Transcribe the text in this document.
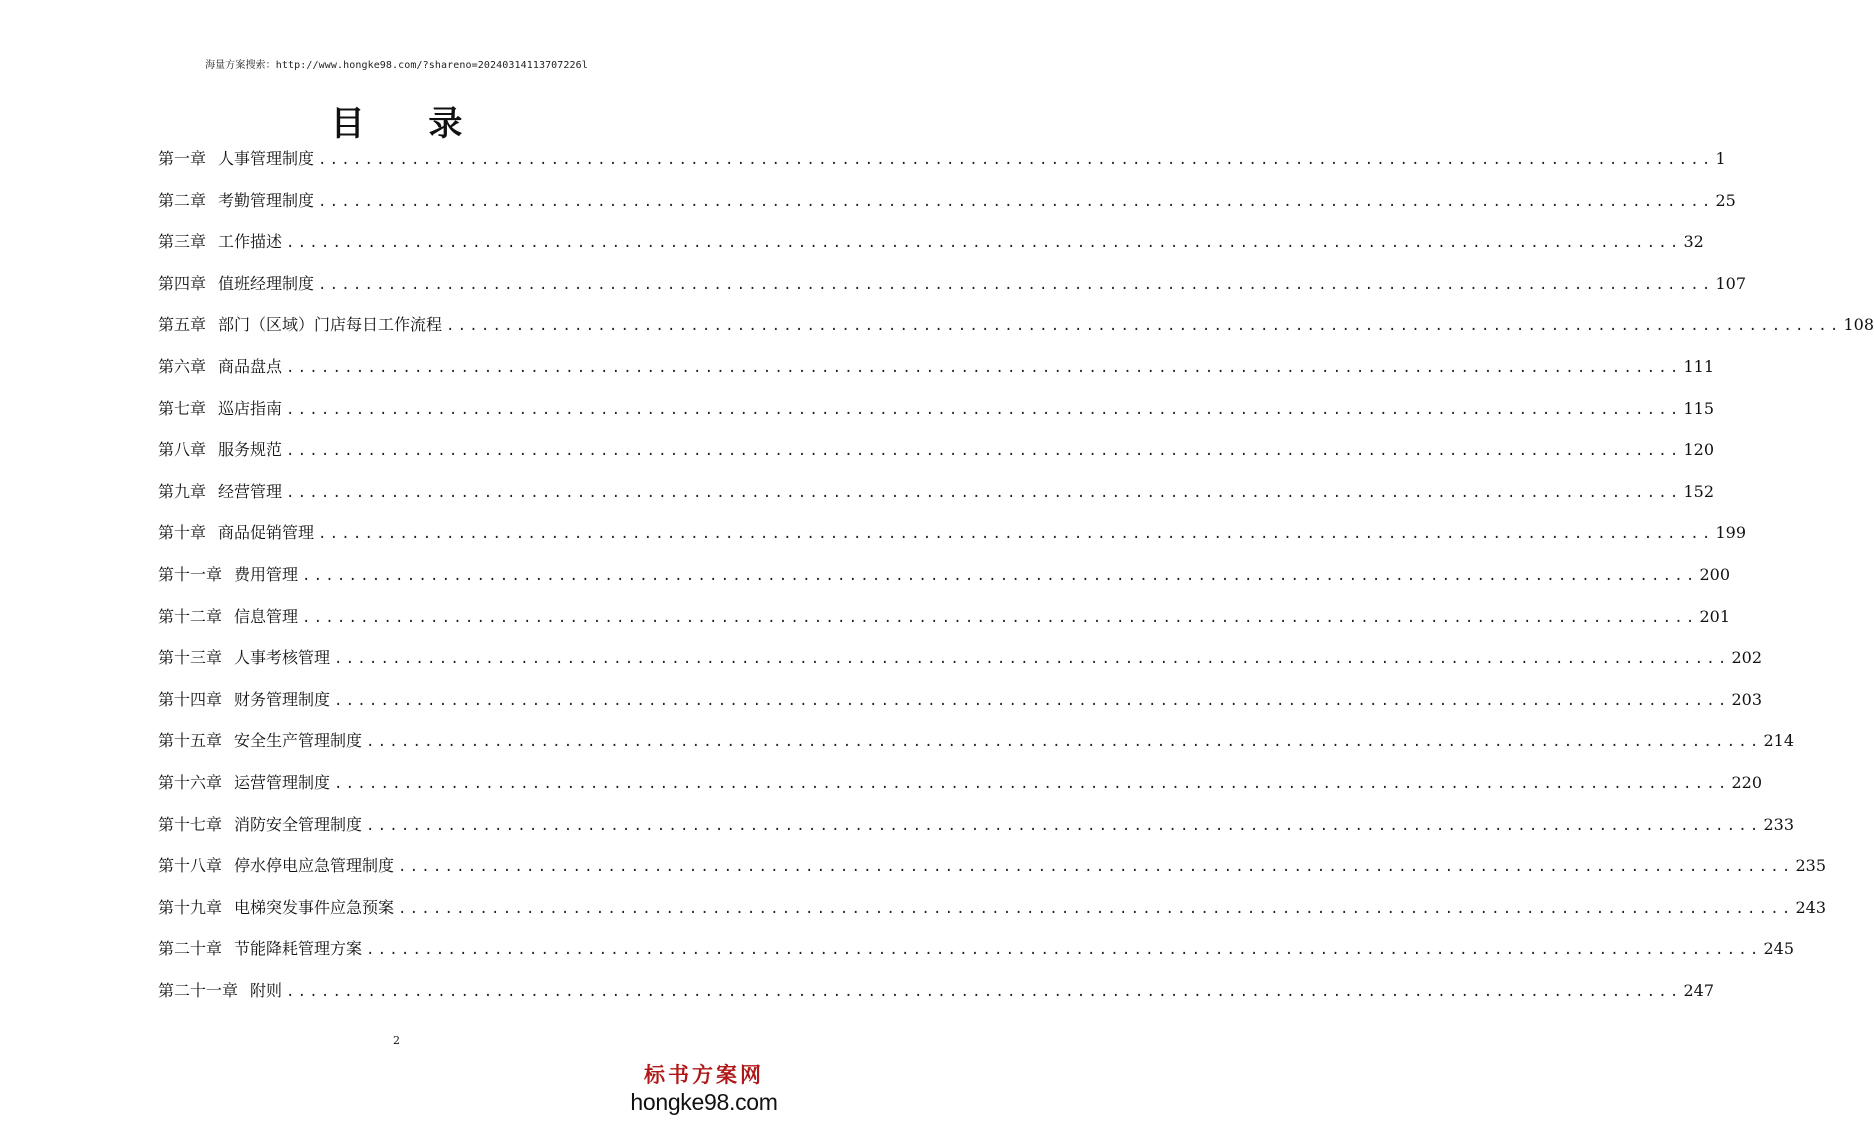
海量方案搜索：http://www.hongke98.com/?shareno=20240314113707226l
目 录
第一章 人事管理制度 ........................................................................................................................ 1
第二章 考勤管理制度 ........................................................................................................................ 25
第三章 工作描述 ........................................................................................................................ 32
第四章 值班经理制度 ........................................................................................................................ 107
第五章 部门（区域）门店每日工作流程 ........................................................................................................................ 108
第六章 商品盘点 ........................................................................................................................ 111
第七章 巡店指南 ........................................................................................................................ 115
第八章 服务规范 ........................................................................................................................ 120
第九章 经营管理 ........................................................................................................................ 152
第十章 商品促销管理 ........................................................................................................................ 199
第十一章 费用管理 ........................................................................................................................ 200
第十二章 信息管理 ........................................................................................................................ 201
第十三章 人事考核管理 ........................................................................................................................ 202
第十四章 财务管理制度 ........................................................................................................................ 203
第十五章 安全生产管理制度 ........................................................................................................................ 214
第十六章 运营管理制度 ........................................................................................................................ 220
第十七章 消防安全管理制度 ........................................................................................................................ 233
第十八章 停水停电应急管理制度 ........................................................................................................................ 235
第十九章 电梯突发事件应急预案 ........................................................................................................................ 243
第二十章 节能降耗管理方案 ........................................................................................................................ 245
第二十一章 附则 ........................................................................................................................ 247
2
标书方案网
hongke98.com
